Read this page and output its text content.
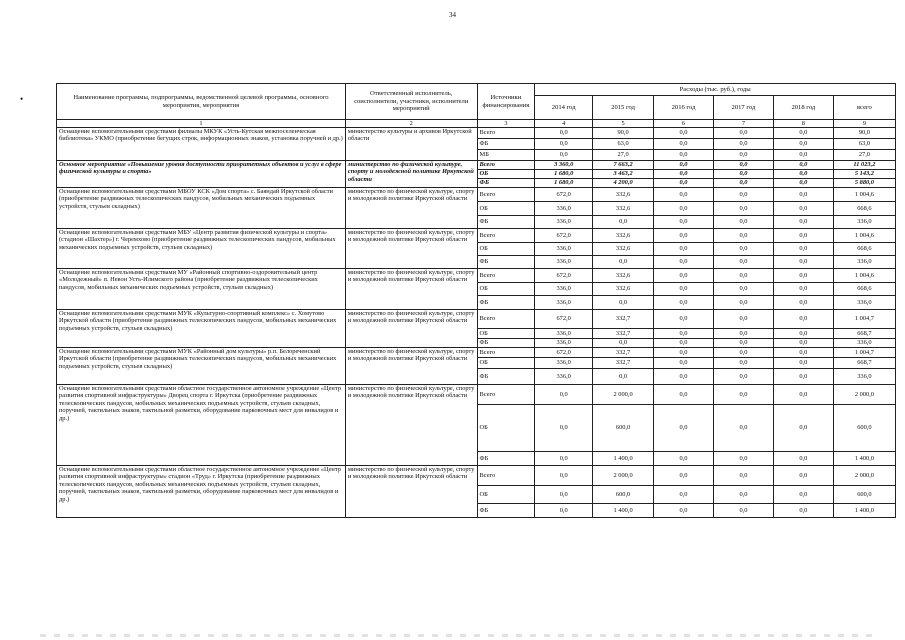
34
•	Наименование программы, подпрограммы, ведомственной целевой программы, основного мероприятия, мероприятия	Ответственный исполнитель, соисполнители, участники, исполнители мероприятий	Источники финансирования	Расходы (тыс. руб.), годы					
			2014 год	2015 год	2016 год	2017 год	2018 год	всего
1	2	3	4	5	6	7	8	9
Оснащение вспомогательными средствами филиалы МКУК «Усть-Кутская межпоселенческая библиотека» УКМО (приобретение бегущих строк, информационных знаков, установка поручней и др.)	министерство культуры и архивов Иркутской области	Всего	0,0	90,0	0,0	0,0	0,0	90,0
		ФБ	0,0	63,0	0,0	0,0	0,0	63,0
		МБ	0,0	27,0	0,0	0,0	0,0	27,0
Основное мероприятие «Повышение уровня доступности приоритетных объектов и услуг в сфере физической культуры и спорта»	министерство по физической культуре, спорту и молодежной политике Иркутской области	Всего	3 360,0	7 663,2	0,0	0,0	0,0	11 023,2
		ОБ	1 680,0	3 463,2	0,0	0,0	0,0	5 143,2
		ФБ	1 680,0	4 200,0	0,0	0,0	0,0	5 880,0
Оснащение вспомогательными средствами МБОУ КСК «Дом спорта» с. Баяндай Иркутской области (приобретение раздвижных телескопических пандусов, мобильных механических подъемных устройств, стульев складных)	министерство по физической культуре, спорту и молодежной политике Иркутской области	Всего	672,0	332,6	0,0	0,0	0,0	1 004,6
		ОБ	336,0	332,6	0,0	0,0	0,0	668,6
		ФБ	336,0	0,0	0,0	0,0	0,0	336,0
Оснащение вспомогательными средствами МБУ «Центр развития физической культуры и спорта» (стадион «Шахтер») г. Черемхово (приобретение раздвижных телескопических пандусов, мобильных механических подъемных устройств, стульев складных)	министерство по физической культуре, спорту и молодежной политике Иркутской области	Всего	672,0	332,6	0,0	0,0	0,0	1 004,6
		ОБ	336,0	332,6	0,0	0,0	0,0	668,6
		ФБ	336,0	0,0	0,0	0,0	0,0	336,0
Оснащение вспомогательными средствами МУ «Районный спортивно-оздоровительный центр «Молодежный» п. Невон Усть-Илимского района (приобретение раздвижных телескопических пандусов, мобильных механических подъемных устройств, стульев складных)	министерство по физической культуре, спорту и молодежной политике Иркутской области	Всего	672,0	332,6	0,0	0,0	0,0	1 004,6
		ОБ	336,0	332,6	0,0	0,0	0,0	668,6
		ФБ	336,0	0,0	0,0	0,0	0,0	336,0
Оснащение вспомогательными средствами МУК «Культурно-спортивный комплекс» с. Хомутово Иркутской области (приобретение раздвижных телескопических пандусов, мобильных механических подъемных устройств, стульев складных)	министерство по физической культуре, спорту и молодежной политике Иркутской области	Всего	672,0	332,7	0,0	0,0	0,0	1 004,7
		ОБ	336,0	332,7	0,0	0,0	0,0	668,7
		ФБ	336,0	0,0	0,0	0,0	0,0	336,0
Оснащение вспомогательными средствами МУК «Районный дом культуры» р.п. Белореченский Иркутской области (приобретение раздвижных телескопических пандусов, мобильных механических подъемных устройств, стульев складных)	министерство по физической культуре, спорту и молодежной политике Иркутской области	Всего	672,0	332,7	0,0	0,0	0,0	1 004,7
		ОБ	336,0	332,7	0,0	0,0	0,0	668,7
		ФБ	336,0	0,0	0,0	0,0	0,0	336,0
Оснащение вспомогательными средствами областное государственное автономное учреждение «Центр развития спортивной инфраструктуры» Дворец спорта г. Иркутска (приобретение раздвижных телескопических пандусов, мобильных механических подъемных устройств, стульев складных, поручней, тактильных знаков, тактильной разметки, оборудование парковочных мест для инвалидов и др.)	министерство по физической культуре, спорту и молодежной политике Иркутской области	Всего	0,0	2 000,0	0,0	0,0	0,0	2 000,0
		ОБ	0,0	600,0	0,0	0,0	0,0	600,0
		ФБ	0,0	1 400,0	0,0	0,0	0,0	1 400,0
Оснащение вспомогательными средствами областное государственное автономное учреждение «Центр развития спортивной инфраструктуры» стадион «Труд» г. Иркутска (приобретение раздвижных телескопических пандусов, мобильных механических подъемных устройств, стульев складных, поручней, тактильных знаков, тактильной разметки, оборудование парковочных мест для инвалидов и др.)	министерство по физической культуре, спорту и молодежной политике Иркутской области	Всего	0,0	2 000,0	0,0	0,0	0,0	2 000,0
		ОБ	0,0	600,0	0,0	0,0	0,0	600,0
		ФБ	0,0	1 400,0	0,0	0,0	0,0	1 400,0
